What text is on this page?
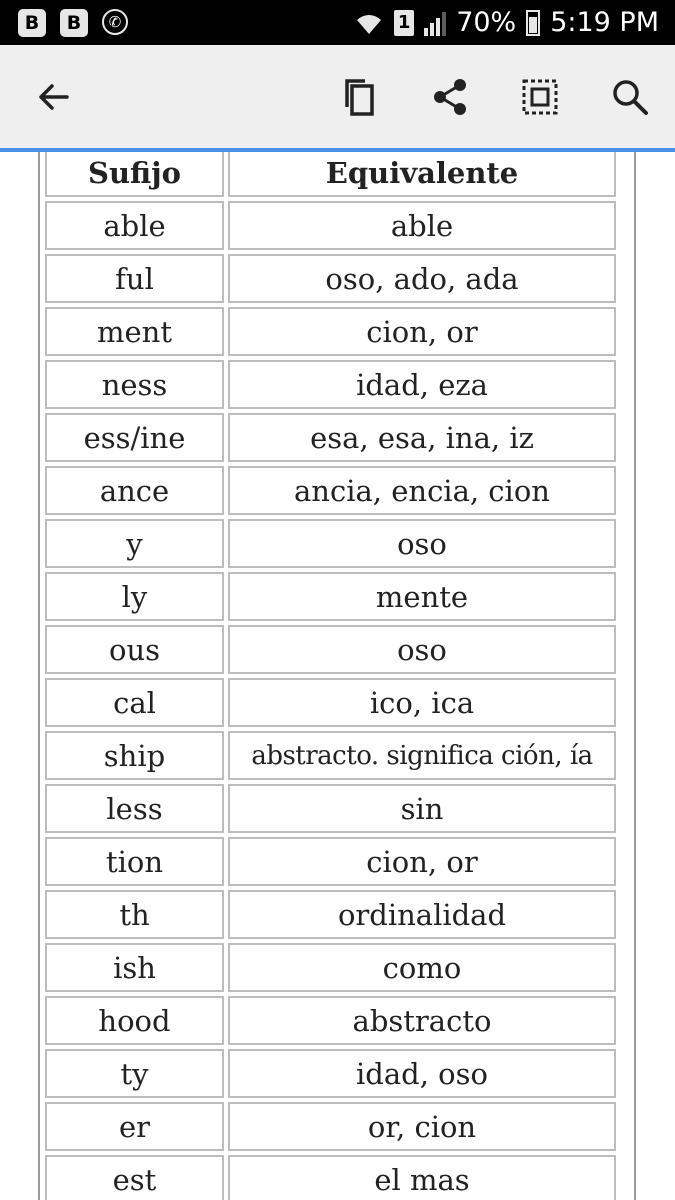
B	B	✆	1 70% 5:19 PM
Sufijo	Equivalente
able	able
ful	oso, ado, ada
ment	cion, or
ness	idad, eza
ess/ine	esa, esa, ina, iz
ance	ancia, encia, cion
y	oso
ly	mente
ous	oso
cal	ico, ica
ship	abstracto. significa ción, ía
less	sin
tion	cion, or
th	ordinalidad
ish	como
hood	abstracto
ty	idad, oso
er	or, cion
est	el mas
